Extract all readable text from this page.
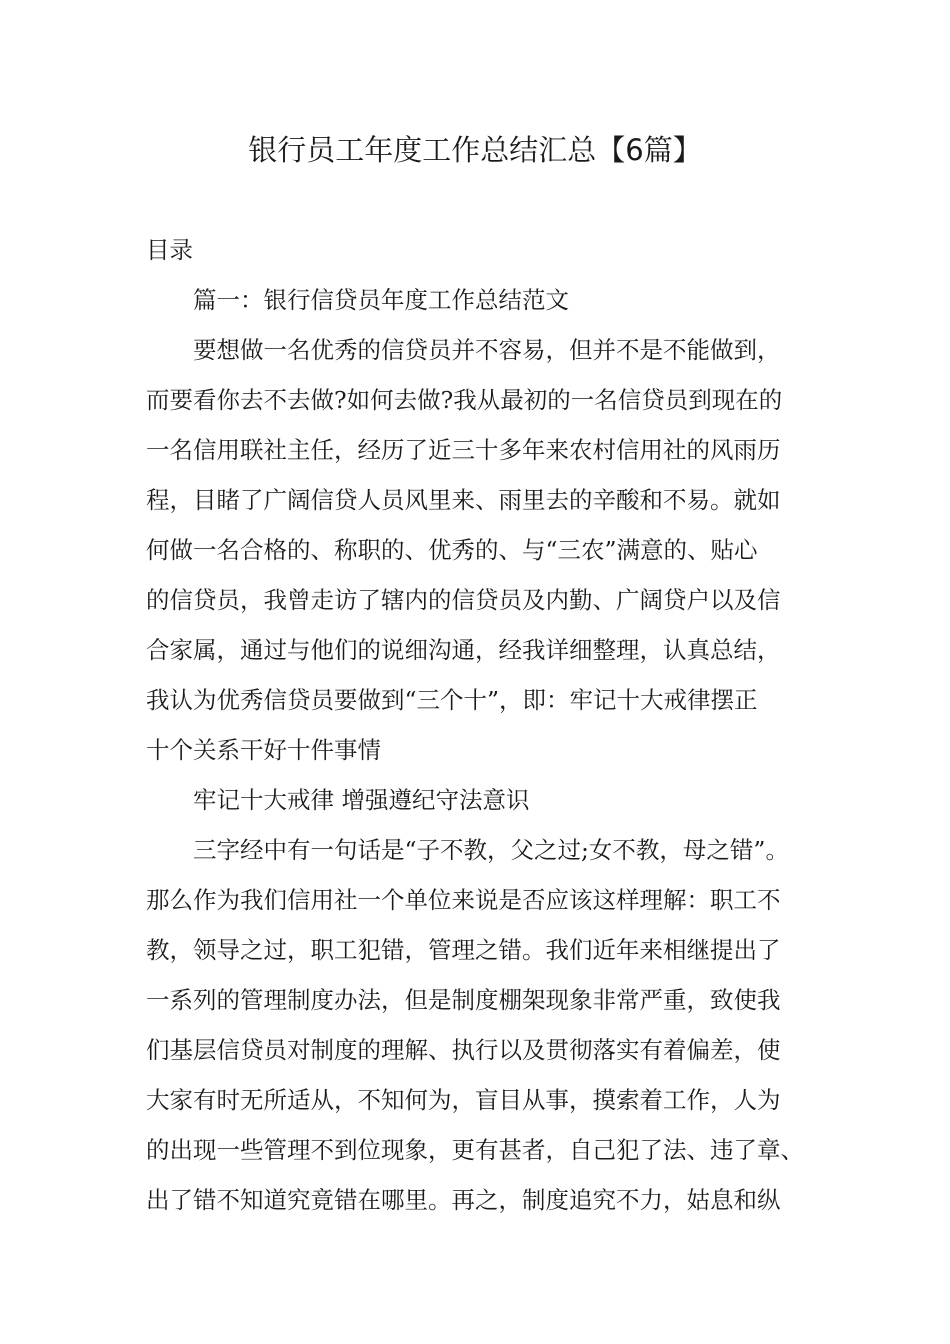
银行员工年度工作总结汇总【6篇】
目录
篇一：银行信贷员年度工作总结范文
要想做一名优秀的信贷员并不容易，但并不是不能做到，
而要看你去不去做?如何去做?我从最初的一名信贷员到现在的
一名信用联社主任，经历了近三十多年来农村信用社的风雨历
程，目睹了广阔信贷人员风里来、雨里去的辛酸和不易。就如
何做一名合格的、称职的、优秀的、与“三农”满意的、贴心
的信贷员，我曾走访了辖内的信贷员及内勤、广阔贷户以及信
合家属，通过与他们的说细沟通，经我详细整理，认真总结，
我认为优秀信贷员要做到“三个十”，即：牢记十大戒律摆正
十个关系干好十件事情
牢记十大戒律 增强遵纪守法意识
三字经中有一句话是“子不教，父之过;女不教，母之错”。
那么作为我们信用社一个单位来说是否应该这样理解：职工不
教，领导之过，职工犯错，管理之错。我们近年来相继提出了
一系列的管理制度办法，但是制度棚架现象非常严重，致使我
们基层信贷员对制度的理解、执行以及贯彻落实有着偏差，使
大家有时无所适从，不知何为，盲目从事，摸索着工作，人为
的出现一些管理不到位现象，更有甚者，自己犯了法、违了章、
出了错不知道究竟错在哪里。再之，制度追究不力，姑息和纵
